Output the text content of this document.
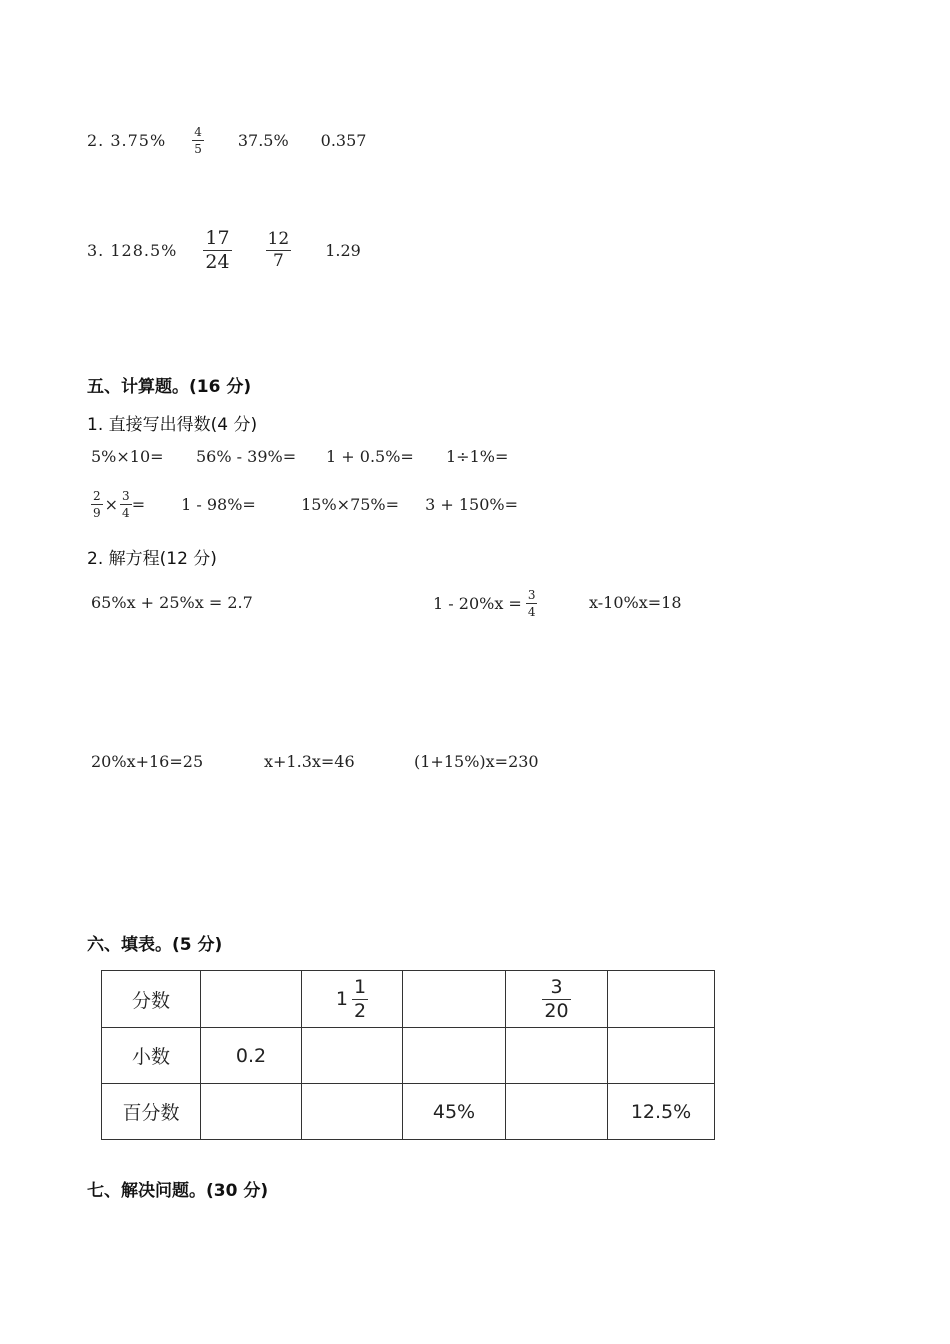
2. $3.75\% \frac{4}{5} 37.5\%$ 0.357
3. $128.5\% \frac{17}{24} \frac{12}{7} 1.29$
五、计算题。(16 分)
1. 直接写出得数(4 分)
5%×10=	56% - 39%=	1 + 0.5%=	1÷1%=
$\frac{2}{9} \times \frac{3}{4} = 1 - 98\%=$	15%×75%=	3 + 150%=
2. 解方程(12 分)
65%x + 25%x = 2.7	$1 - 20\%x = \frac{3}{4}$	x-10%x=18
20%x+16=25	x+1.3x=46	(1+15%)x=230
六、填表。(5 分)
分数		$1 \frac{1}{2}$		$\frac{3}{20}$

小数	0.2				
百分数			45%		12.5%
七、解决问题。(30 分)
